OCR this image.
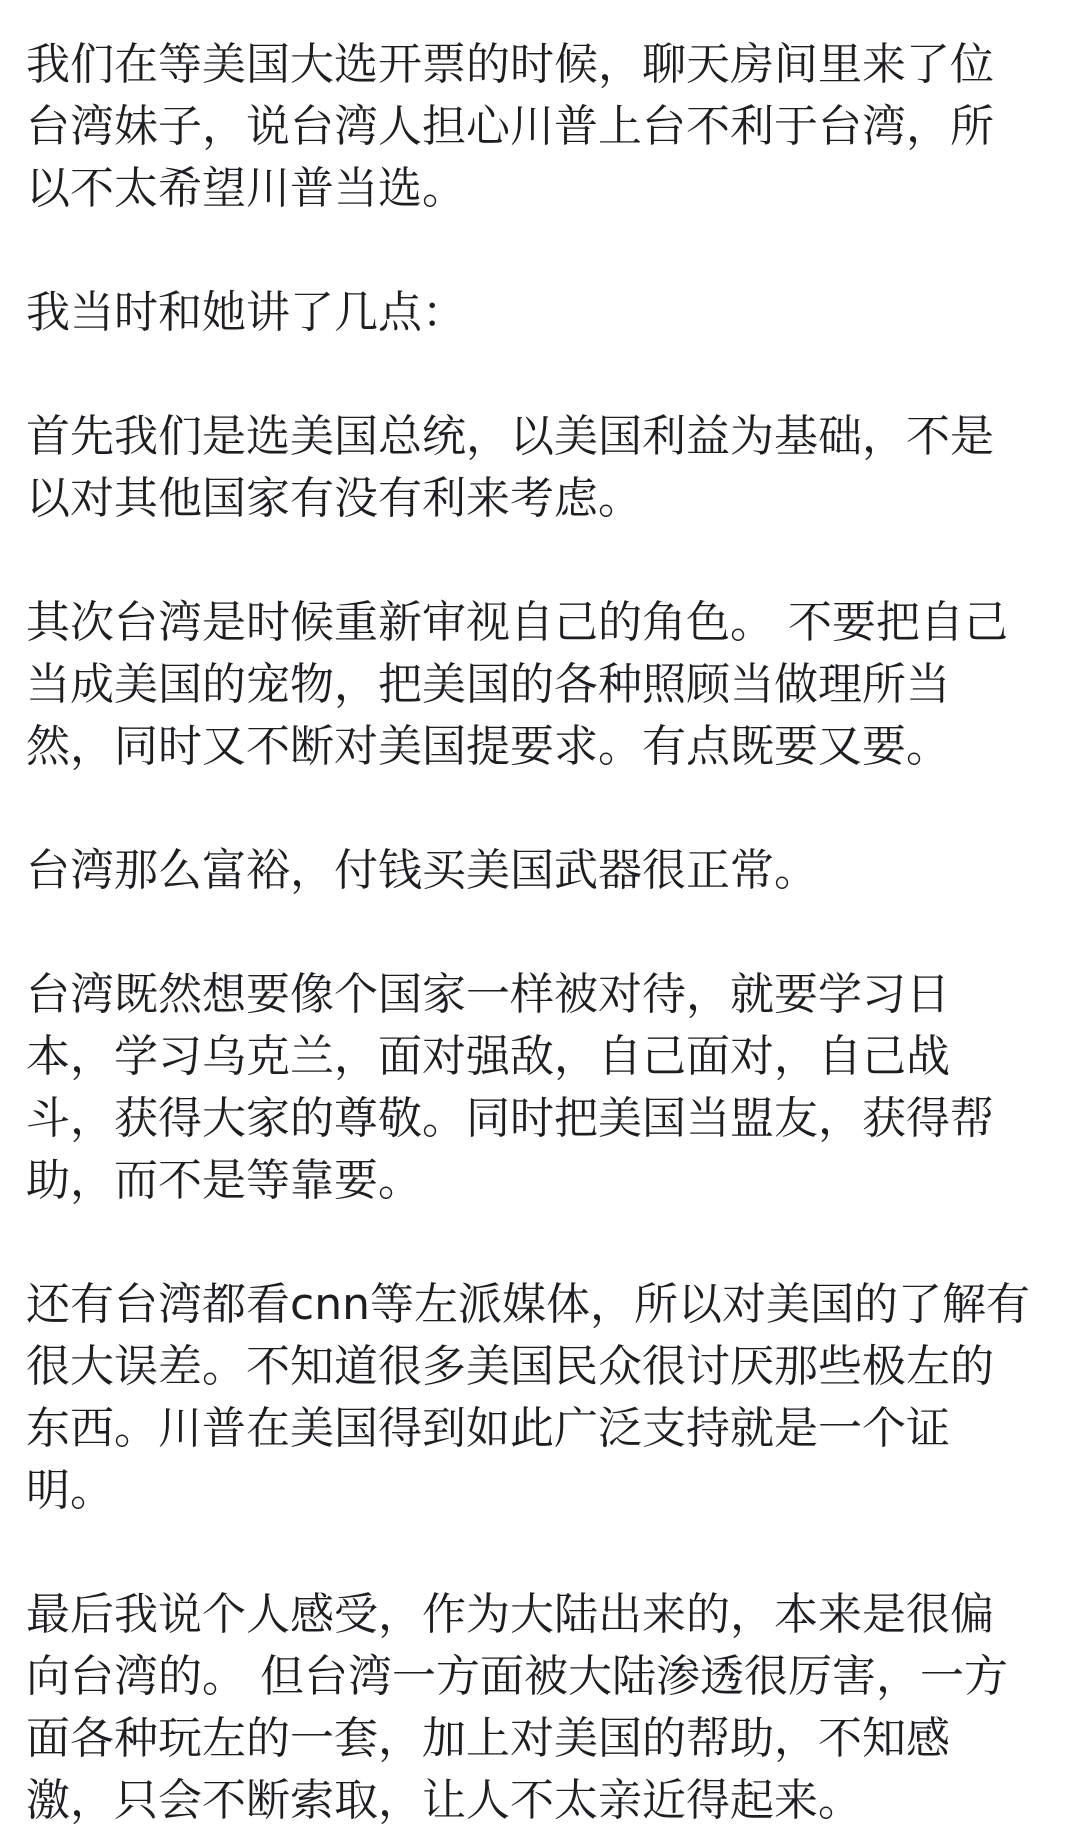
我们在等美国大选开票的时候，聊天房间里来了位
台湾妹子，说台湾人担心川普上台不利于台湾，所
以不太希望川普当选。
我当时和她讲了几点：
首先我们是选美国总统，以美国利益为基础，不是
以对其他国家有没有利来考虑。
其次台湾是时候重新审视自己的角色。 不要把自己
当成美国的宠物，把美国的各种照顾当做理所当
然，同时又不断对美国提要求。有点既要又要。
台湾那么富裕，付钱买美国武器很正常。
台湾既然想要像个国家一样被对待，就要学习日
本，学习乌克兰，面对强敌，自己面对，自己战
斗，获得大家的尊敬。同时把美国当盟友，获得帮
助，而不是等靠要。
还有台湾都看cnn等左派媒体，所以对美国的了解有
很大误差。不知道很多美国民众很讨厌那些极左的
东西。川普在美国得到如此广泛支持就是一个证
明。
最后我说个人感受，作为大陆出来的，本来是很偏
向台湾的。 但台湾一方面被大陆渗透很厉害，一方
面各种玩左的一套，加上对美国的帮助，不知感
激，只会不断索取，让人不太亲近得起来。
